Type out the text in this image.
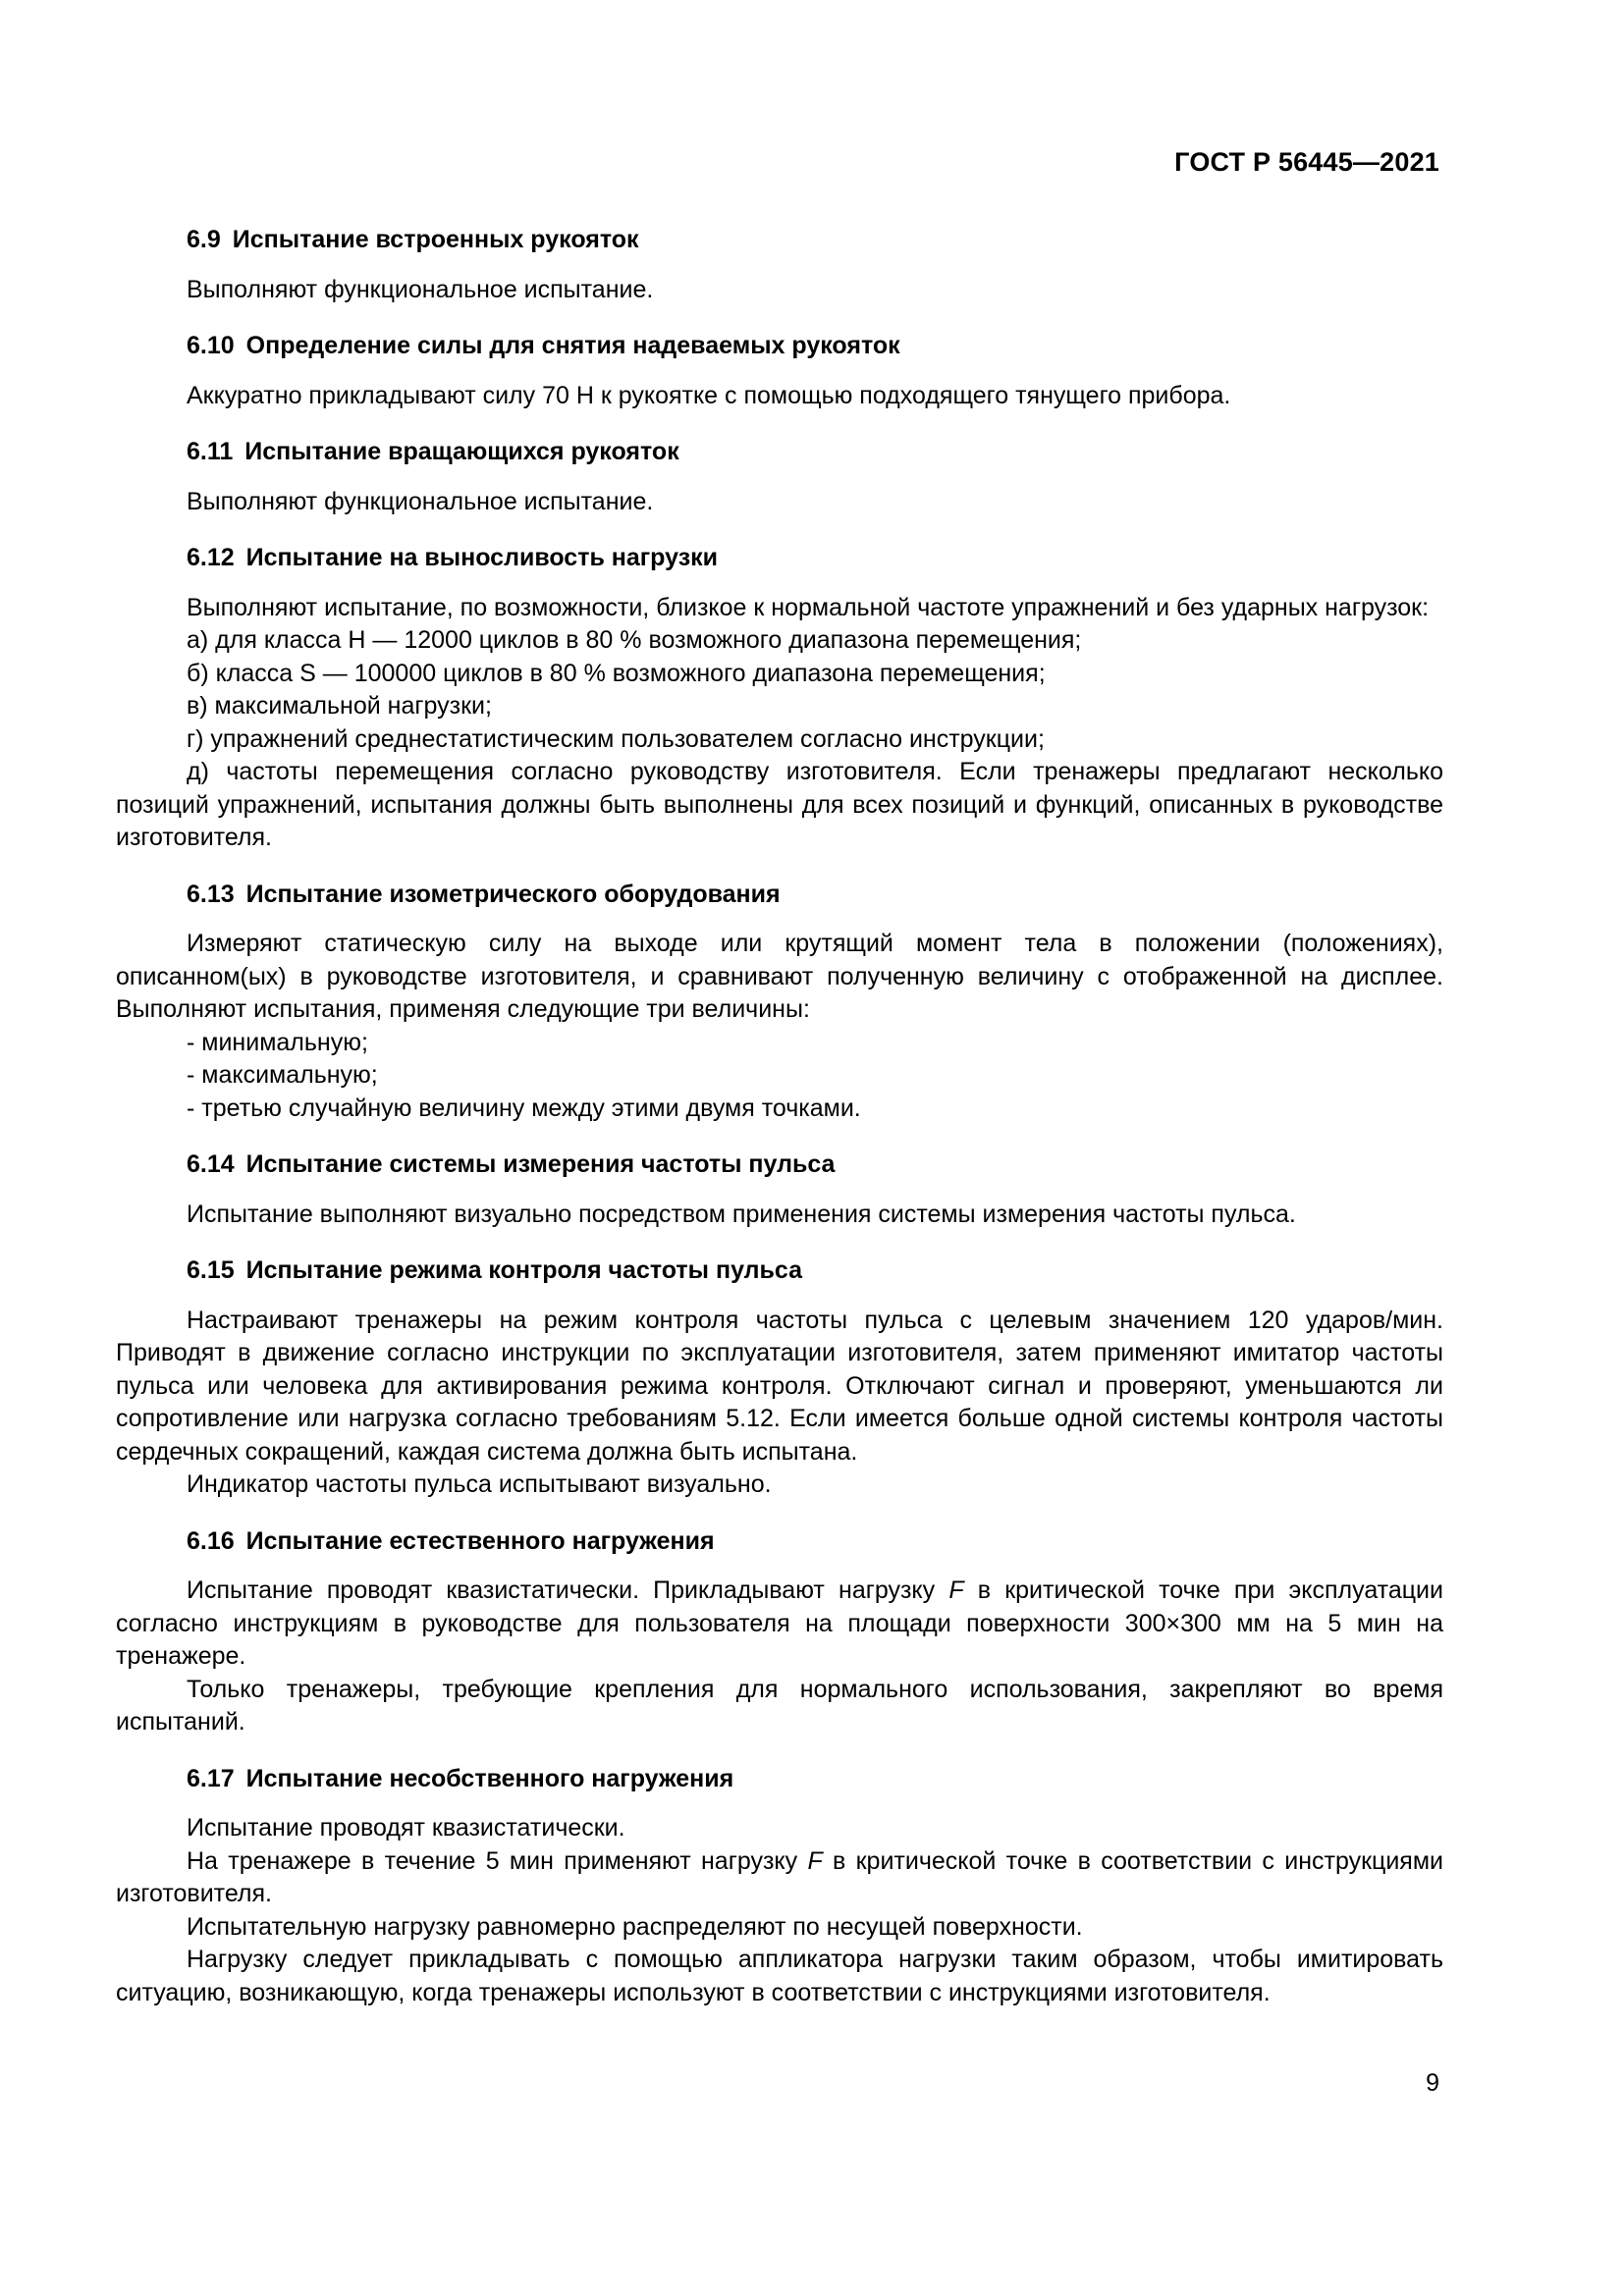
ГОСТ Р 56445—2021
6.9 Испытание встроенных рукояток

Выполняют функциональное испытание.

6.10 Определение силы для снятия надеваемых рукояток

Аккуратно прикладывают силу 70 Н к рукоятке с помощью подходящего тянущего прибора.

6.11 Испытание вращающихся рукояток

Выполняют функциональное испытание.

6.12 Испытание на выносливость нагрузки

Выполняют испытание, по возможности, близкое к нормальной частоте упражнений и без ударных нагрузок:

а) для класса H — 12000 циклов в 80 % возможного диапазона перемещения;

б) класса S — 100000 циклов в 80 % возможного диапазона перемещения;

в) максимальной нагрузки;

г) упражнений среднестатистическим пользователем согласно инструкции;

д) частоты перемещения согласно руководству изготовителя. Если тренажеры предлагают несколько позиций упражнений, испытания должны быть выполнены для всех позиций и функций, описанных в руководстве изготовителя.

6.13 Испытание изометрического оборудования

Измеряют статическую силу на выходе или крутящий момент тела в положении (положениях), описанном(ых) в руководстве изготовителя, и сравнивают полученную величину с отображенной на дисплее. Выполняют испытания, применяя следующие три величины:

- минимальную;

- максимальную;

- третью случайную величину между этими двумя точками.

6.14 Испытание системы измерения частоты пульса

Испытание выполняют визуально посредством применения системы измерения частоты пульса.

6.15 Испытание режима контроля частоты пульса

Настраивают тренажеры на режим контроля частоты пульса с целевым значением 120 ударов/мин. Приводят в движение согласно инструкции по эксплуатации изготовителя, затем применяют имитатор частоты пульса или человека для активирования режима контроля. Отключают сигнал и проверяют, уменьшаются ли сопротивление или нагрузка согласно требованиям 5.12. Если имеется больше одной системы контроля частоты сердечных сокращений, каждая система должна быть испытана.

Индикатор частоты пульса испытывают визуально.

6.16 Испытание естественного нагружения

Испытание проводят квазистатически. Прикладывают нагрузку F в критической точке при эксплуатации согласно инструкциям в руководстве для пользователя на площади поверхности 300×300 мм на 5 мин на тренажере.

Только тренажеры, требующие крепления для нормального использования, закрепляют во время испытаний.

6.17 Испытание несобственного нагружения

Испытание проводят квазистатически.

На тренажере в течение 5 мин применяют нагрузку F в критической точке в соответствии с инструкциями изготовителя.

Испытательную нагрузку равномерно распределяют по несущей поверхности.

Нагрузку следует прикладывать с помощью аппликатора нагрузки таким образом, чтобы имитировать ситуацию, возникающую, когда тренажеры используют в соответствии с инструкциями изготовителя.

9
